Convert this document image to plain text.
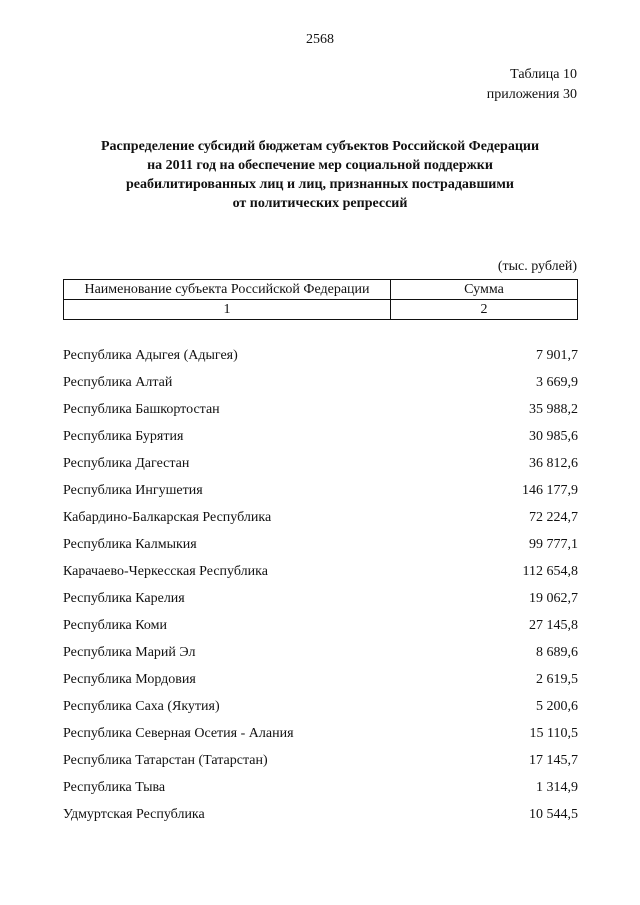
2568
Таблица 10
приложения 30
Распределение субсидий бюджетам субъектов Российской Федерации
на 2011 год на обеспечение мер социальной поддержки
реабилитированных лиц и лиц, признанных пострадавшими
от политических репрессий
(тыс. рублей)
Наименование субъекта Российской Федерации	Сумма
1	2
Республика Адыгея (Адыгея)	7 901,7
Республика Алтай	3 669,9
Республика Башкортостан	35 988,2
Республика Бурятия	30 985,6
Республика Дагестан	36 812,6
Республика Ингушетия	146 177,9
Кабардино-Балкарская Республика	72 224,7
Республика Калмыкия	99 777,1
Карачаево-Черкесская Республика	112 654,8
Республика Карелия	19 062,7
Республика Коми	27 145,8
Республика Марий Эл	8 689,6
Республика Мордовия	2 619,5
Республика Саха (Якутия)	5 200,6
Республика Северная Осетия - Алания	15 110,5
Республика Татарстан (Татарстан)	17 145,7
Республика Тыва	1 314,9
Удмуртская Республика	10 544,5
